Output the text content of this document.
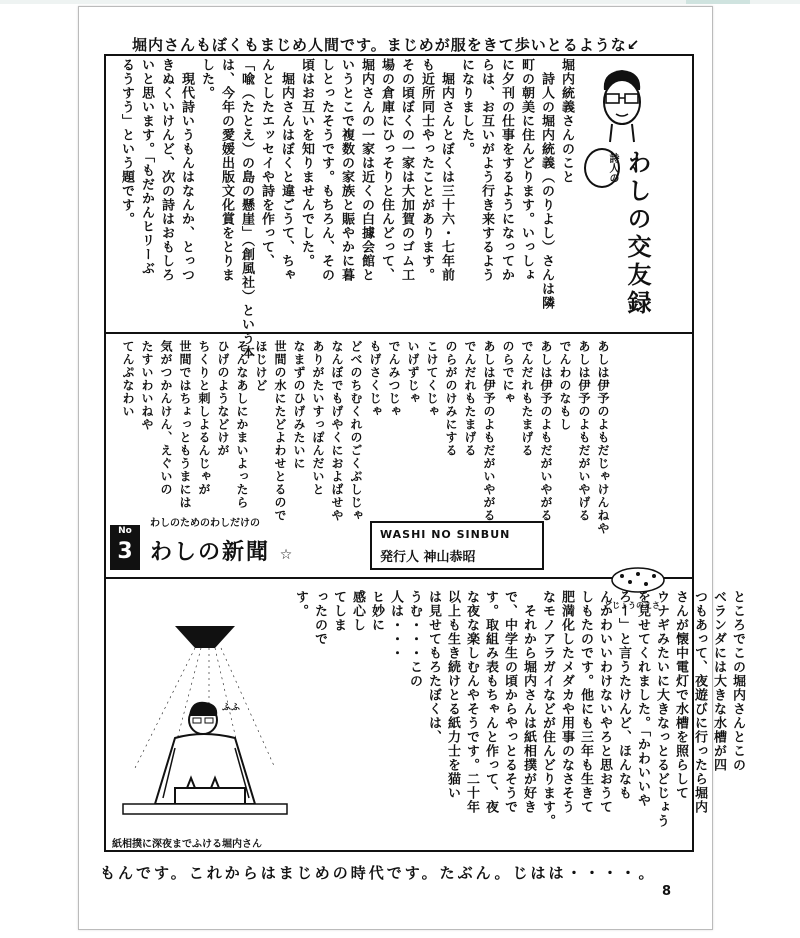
堀内さんもぼくもまじめ人間です。まじめが服をきて歩いとるような↙
もんです。これからはまじめの時代です。たぶん。じはは・・・・。
8
詩人の わしの交友録
堀内統義さんのこと
　詩人の堀内統義（のりよし）さんは隣
町の朝美に住んどります。いっしょ
に夕刊の仕事をするようになってか
らは、お互いがよう行き来するよう
になりました。
　堀内さんとぼくは三十六・七年前
も近所同士やったことがあります。
その頃ぼくの一家は大加賀のゴム工
場の倉庫にひっそりと住んどって、
堀内さんの一家は近くの白據会館と
いうとこで複数の家族と賑やかに暮
しとったそうです。もちろん、その
頃はお互いを知りませんでした。
　堀内さんはぼくと違ごうて、ちゃ
んとしたエッセイや詩を作って、
「喩（たとえ）の島の懸崖」（創風社）という本
は、今年の愛媛出版文化賞をとりま
した。
　現代詩いうもんはなんか、とっつ
きぬくいけんど、次の詩はおもしろ
いと思います。「もだかんヒリーぶ
るうすう」という題です。
あしは伊予のよもだじゃけんねや
あしは伊予のよもだがいやげる
でんわのなもし
あしは伊予のよもだがいやがる
でんだれもたまげる
のらでにゃ
あしは伊予のよもだがいやがる
でんだれもたまげる
のらがのけみにする
こけてくじゃ
いげずじゃ
でんみつじゃ
もげさくじゃ
どべのちむくれのごくぶしじゃ
なんぼでもげやくにおよばせや
ありがたいすっぽんだいと
なまずのひげみたいに
世間の水にたどよわせとるので
ほじけど
そんなあしにかまいよったら
ひげのようなどけが
ちくりと刺しよるんじゃが
世間ではちょっともうまには
気がつかんけん、えぐいの
たすいわいねや
てんぷなわい
No
3
わしのためのわしだけの
わしの新聞 ☆
WASHI NO SINBUN
発行人 神山恭昭
どじょうのえさ	ところでこの堀内さんとこの
ベランダには大きな水槽が四
つもあって、夜遊びに行ったら堀内
さんが懐中電灯で水槽を照らして
ウナギみたいに大きなっとるどじょう
を見せてくれました。「かわいいや
ろー」と言うたけんど、ほんなも
んかわいいわけないやろと思おうて
しもたのです。他にも三年も生きて
肥満化したメダカや用事のなさそう
なモノアラガイなどが住んどります。
　それから堀内さんは紙相撲が好き
で、中学生の頃からやっとるそうで
す。取組み表もちゃんと作って、夜
な夜な楽しむんやそうです。二十年
以上も生き続けとる紙力士を猫い
は見せてもろたぼくは、
うむ・・・この
人は・・・
ヒ妙に
感心し
てしま
ったので
す。
ふふ
紙相撲に深夜までふける堀内さん
